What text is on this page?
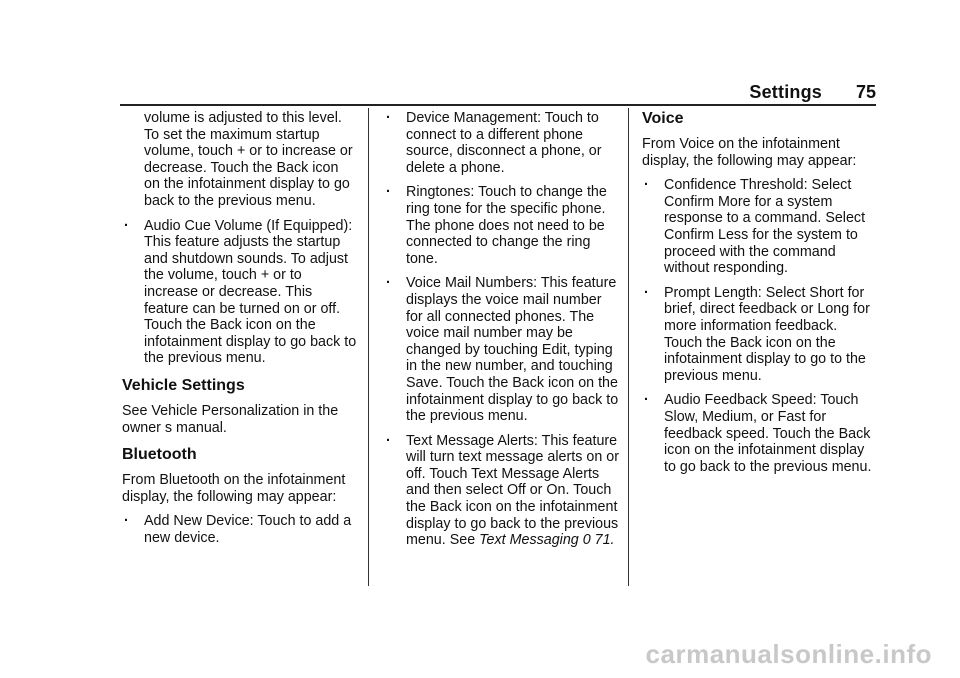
Settings 75
volume is adjusted to this level. To set the maximum startup volume, touch + or to increase or decrease. Touch the Back icon on the infotainment display to go back to the previous menu.
· Audio Cue Volume (If Equipped): This feature adjusts the startup and shutdown sounds. To adjust the volume, touch + or to increase or decrease. This feature can be turned on or off. Touch the Back icon on the infotainment display to go back to the previous menu.
Vehicle Settings

See Vehicle Personalization in the owner s manual.

Bluetooth

From Bluetooth on the infotainment display, the following may appear:

· Add New Device: Touch to add a new device.
· Device Management: Touch to connect to a different phone source, disconnect a phone, or delete a phone.
· Ringtones: Touch to change the ring tone for the specific phone. The phone does not need to be connected to change the ring tone.
· Voice Mail Numbers: This feature displays the voice mail number for all connected phones. The voice mail number may be changed by touching Edit, typing in the new number, and touching Save. Touch the Back icon on the infotainment display to go back to the previous menu.
· Text Message Alerts: This feature will turn text message alerts on or off. Touch Text Message Alerts and then select Off or On. Touch the Back icon on the infotainment display to go back to the previous menu. See Text Messaging 0 71.
Voice

From Voice on the infotainment display, the following may appear:

· Confidence Threshold: Select Confirm More for a system response to a command. Select Confirm Less for the system to proceed with the command without responding.
· Prompt Length: Select Short for brief, direct feedback or Long for more information feedback. Touch the Back icon on the infotainment display to go to the previous menu.
· Audio Feedback Speed: Touch Slow, Medium, or Fast for feedback speed. Touch the Back icon on the infotainment display to go back to the previous menu.
carmanualsonline.info
